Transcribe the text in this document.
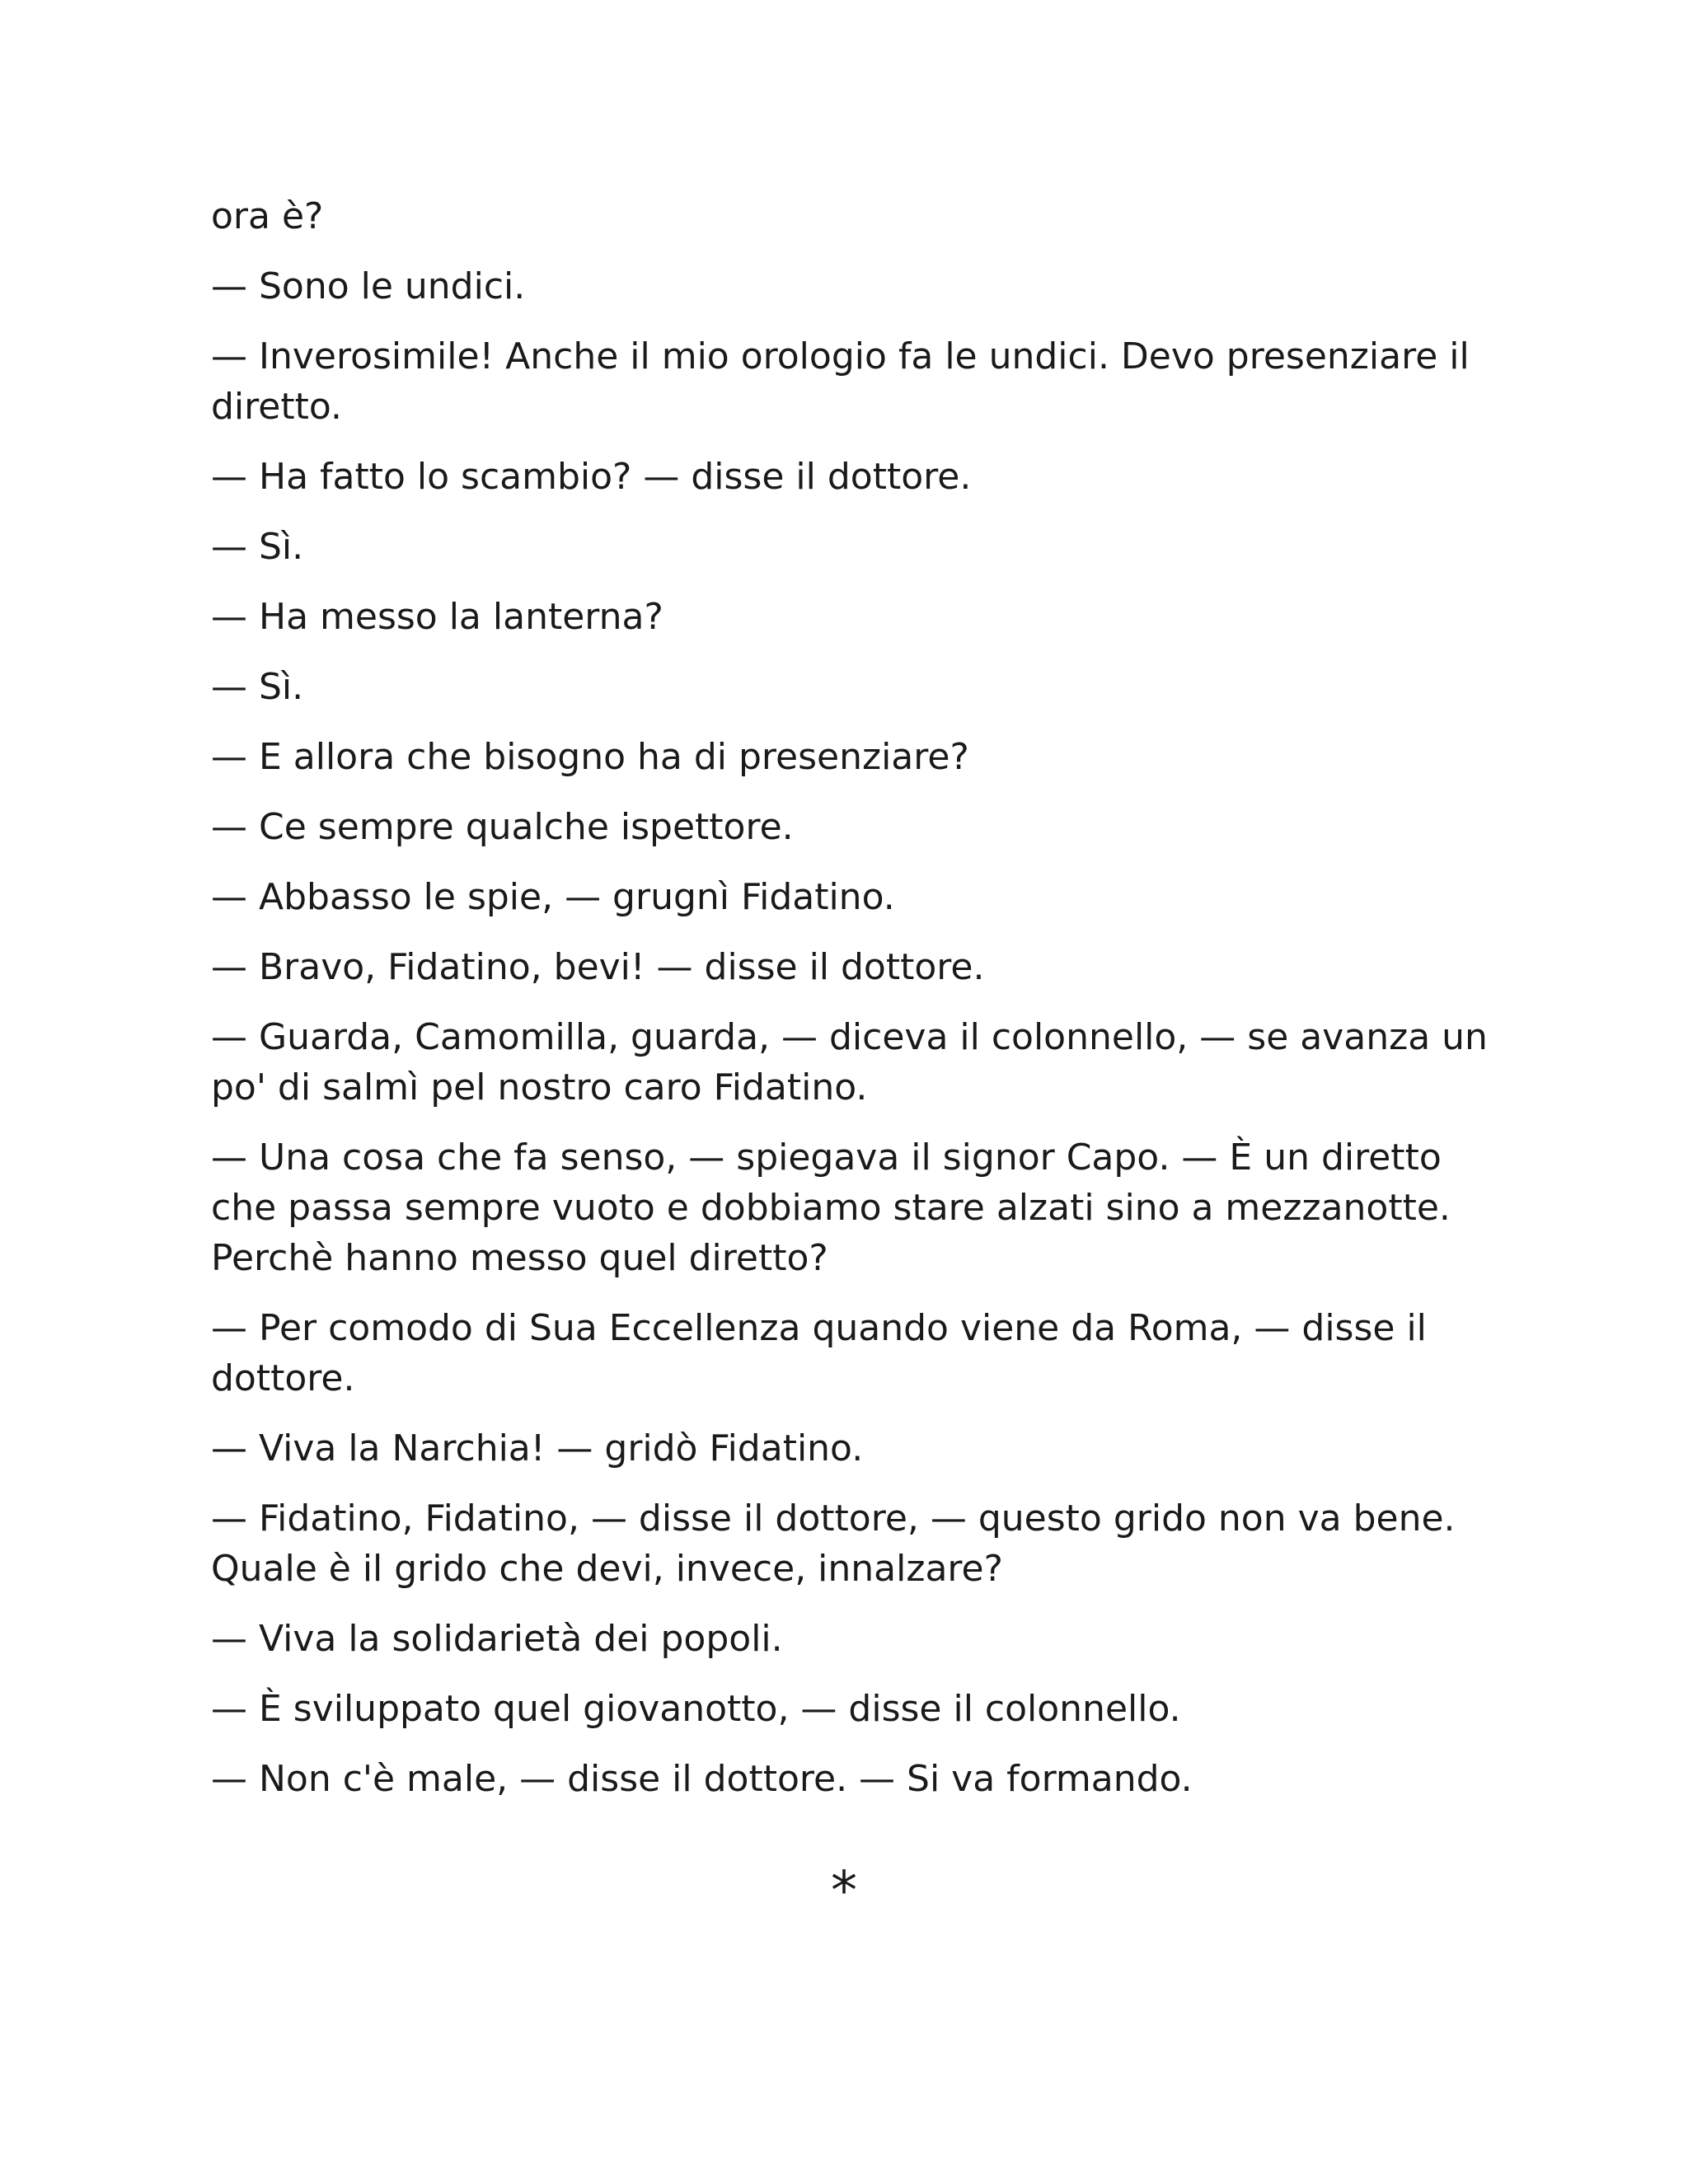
ora è?

— Sono le undici.

— Inverosimile! Anche il mio orologio fa le undici. Devo presenziare il diretto.

— Ha fatto lo scambio? — disse il dottore.

— Sì.

— Ha messo la lanterna?

— Sì.

— E allora che bisogno ha di presenziare?

— Ce sempre qualche ispettore.

— Abbasso le spie, — grugnì Fidatino.

— Bravo, Fidatino, bevi! — disse il dottore.

— Guarda, Camomilla, guarda, — diceva il colonnello, — se avanza un po' di salmì pel nostro caro Fidatino.

— Una cosa che fa senso, — spiegava il signor Capo. — È un diretto che passa sempre vuoto e dobbiamo stare alzati sino a mezzanotte. Perchè hanno messo quel diretto?

— Per comodo di Sua Eccellenza quando viene da Roma, — disse il dottore.

— Viva la Narchia! — gridò Fidatino.

— Fidatino, Fidatino, — disse il dottore, — questo grido non va bene. Quale è il grido che devi, invece, innalzare?

— Viva la solidarietà dei popoli.

— È sviluppato quel giovanotto, — disse il colonnello.

— Non c'è male, — disse il dottore. — Si va formando.

*
